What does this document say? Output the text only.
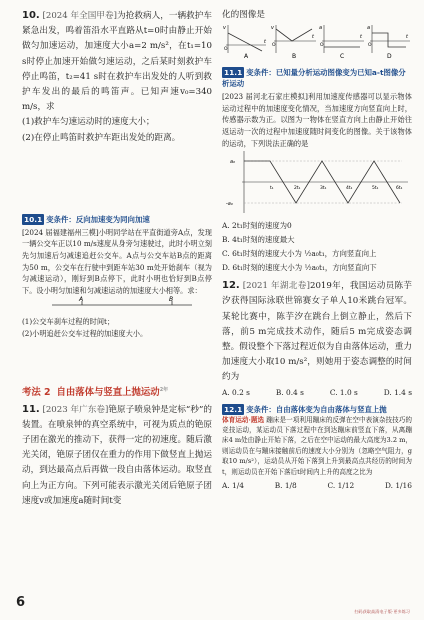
10. [2024 年全国甲卷]为抢救病人，一辆救护车紧急出发，鸣着笛沿水平直路从t=0时由静止开始做匀加速运动，加速度大小a=2 m/s²，在t₁=10 s时停止加速开始做匀速运动，之后某时刻救护车停止鸣笛，t₂=41 s时在救护车出发处的人听到救护车发出的最后的鸣笛声。已知声速v₀=340 m/s，求
(1)救护车匀速运动时的速度大小；
(2)在停止鸣笛时救护车距出发处的距离。
10.1 变条件：反向加速变为同向加速
[2024 届福建福州三模]小明同学站在平直街道旁A点，发现一辆公交车正以10 m/s速度从身旁匀速驶过，此时小明立刻先匀加速后匀减速追赶公交车。A点与公交车站B点的距离为50 m，公交车在行驶中到距车站30 m处开始刹车（视为匀减速运动），刚好到B点停下，此时小明也恰好到B点停下。设小明匀加速和匀减速运动的加速度大小相等。求：
A	B
(1)公交车刹车过程的时间t；
(2)小明追赶公交车过程的加速度大小。
考法 2 自由落体与竖直上抛运动$^{2年}$
11. [2023 年广东卷]铯原子喷泉钟是定标“秒”的装置。在喷泉钟的真空系统中，可视为质点的铯原子团在激光的推动下，获得一定的初速度。随后激光关闭，铯原子团仅在重力的作用下做竖直上抛运动，到达最高点后再做一段自由落体运动。取竖直向上为正方向。下列可能表示激光关闭后铯原子团速度v或加速度a随时间t变
化的图像是
v
O
t
A
v
O
t
B
a
O
t
C
a
O
t
D
11.1 变条件：已知量分析运动图像变为已知a-t图像分析运动
[2023 届河北石家庄模拟]利用加速度传感器可以显示物体运动过程中的加速度变化情况，当加速度方向竖直向上时，传感器示数为正。以图为一物体在竖直方向上由静止开始往返运动一次的过程中加速度随时间变化的图像。关于该物体的运动，下列说法正确的是
a₀
-a₀
t₁	2t₁	3t₁	4t₁	5t₁	6t₁
A. 2t₁时刻的速度为0
B. 4t₁时刻的速度最大
C. 6t₁时刻的速度大小为 ½a₀t₁，方向竖直向上
D. 6t₁时刻的速度大小为 ½a₀t₁，方向竖直向下
12. [2021 年湖北卷]2019年，我国运动员陈芋汐获得国际泳联世锦赛女子单人10米跳台冠军。某轮比赛中，陈芋汐在跳台上倒立静止，然后下落，前5 m完成技术动作，随后5 m完成姿态调整。假设整个下落过程近似为自由落体运动，重力加速度大小取10 m/s²，则她用于姿态调整的时间约为
A. 0.2 s	B. 0.4 s	C. 1.0 s	D. 1.4 s
12.1 变条件：自由落体变为自由落体与竖直上抛
体育运动·题选 蹦床是一项利用蹦床的反弹在空中表演杂技技巧的竞技运动，某运动员下落过程中在到达蹦床前竖直下落，从离蹦床4 m处由静止开始下落，之后在空中运动的最大高度为3.2 m，则运动员在与蹦床接触前后的速度大小分别为（忽略空气阻力，g取10 m/s²），运动员从开始下落到上升到最高点共经历的时间为t，则运动员在开始下落后t时间内上升的高度之比为
A. 1/4	B. 1/8	C. 1/12	D. 1/16
6
扫码获取高清电子版·更多练习
